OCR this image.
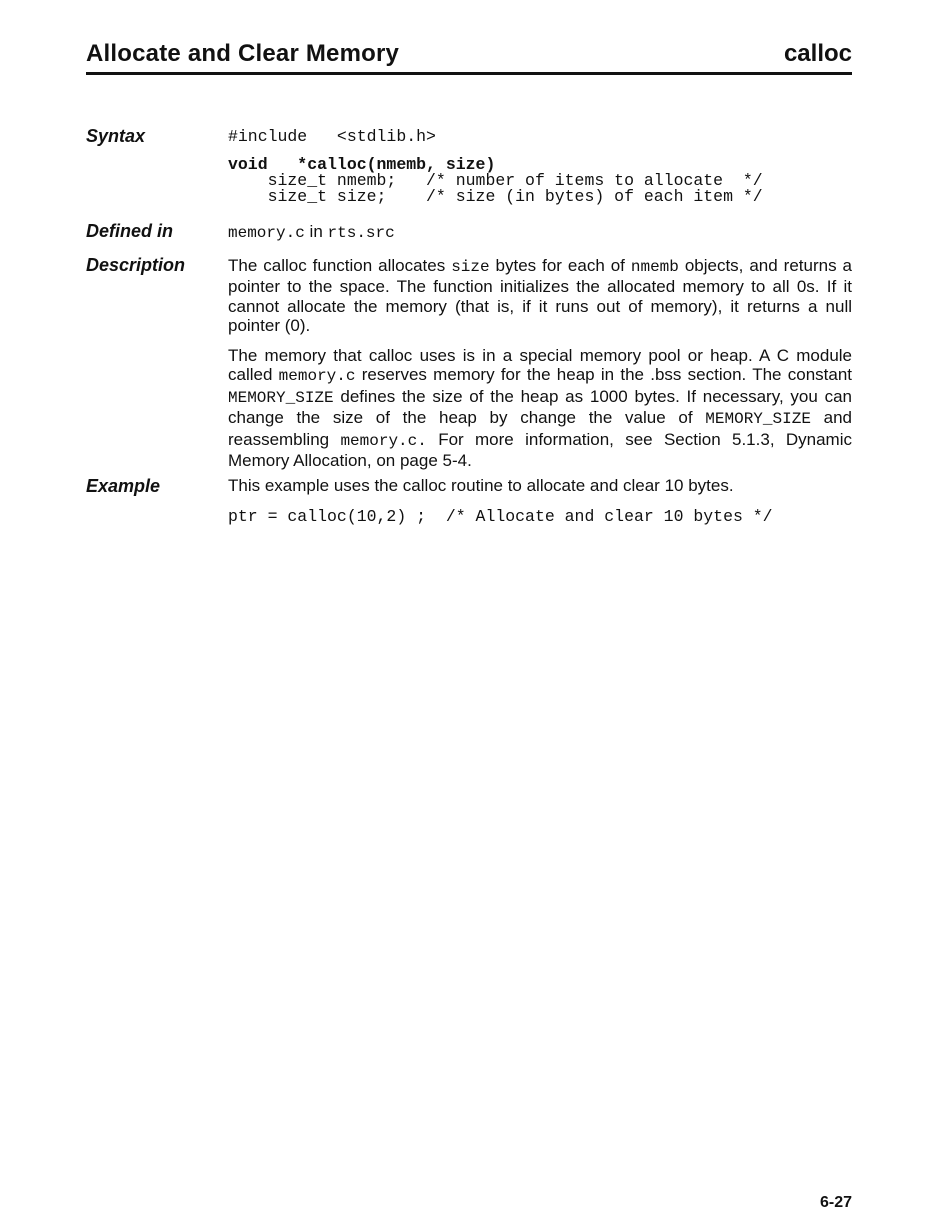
Allocate and Clear Memory	calloc
Syntax	#include   <stdlib.h>
void   *calloc(nmemb, size)
size_t nmemb;   /* number of items to allocate  */
size_t size;    /* size (in bytes) of each item */
Defined in	memory.c in rts.src
Description	The calloc function allocates size bytes for each of nmemb objects, and returns a pointer to the space. The function initializes the allocated memory to all 0s. If it cannot allocate the memory (that is, if it runs out of memory), it returns a null pointer (0).
The memory that calloc uses is in a special memory pool or heap. A C module called memory.c reserves memory for the heap in the .bss section. The constant MEMORY_SIZE defines the size of the heap as 1000 bytes. If necessary, you can change the size of the heap by change the value of MEMORY_SIZE and reassembling memory.c. For more information, see Section 5.1.3, Dynamic Memory Allocation, on page 5-4.
Example	This example uses the calloc routine to allocate and clear 10 bytes.
ptr = calloc(10,2) ;  /* Allocate and clear 10 bytes */
6-27
